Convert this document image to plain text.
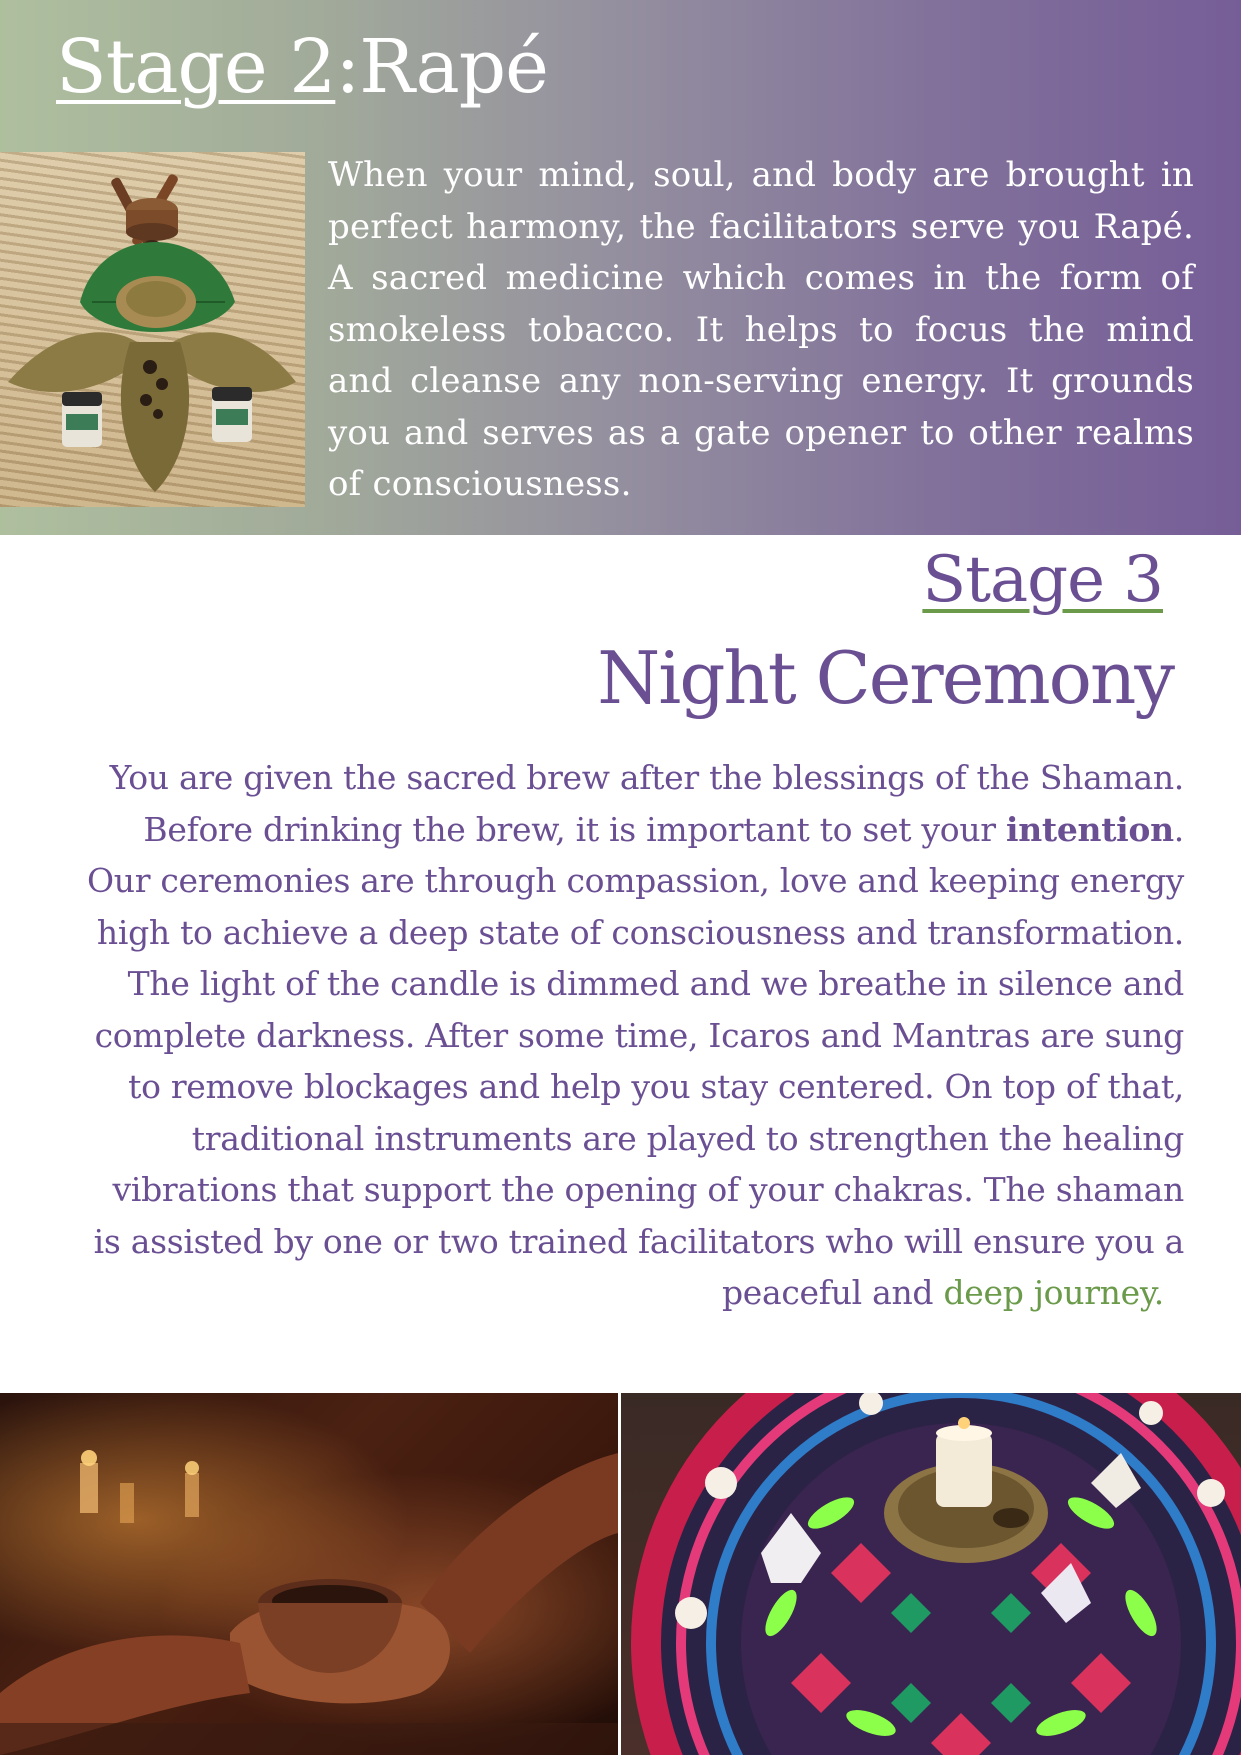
Stage 2:Rapé

When your mind, soul, and body are brought in perfect harmony, the facilitators serve you Rapé. A sacred medicine which comes in the form of smokeless tobacco. It helps to focus the mind and cleanse any non-serving energy. It grounds you and serves as a gate opener to other realms of consciousness.

Stage 3
Night Ceremony

You are given the sacred brew after the blessings of the Shaman. Before drinking the brew, it is important to set your intention. Our ceremonies are through compassion, love and keeping energy high to achieve a deep state of consciousness and transformation. The light of the candle is dimmed and we breathe in silence and complete darkness. After some time, Icaros and Mantras are sung to remove blockages and help you stay centered. On top of that, traditional instruments are played to strengthen the healing vibrations that support the opening of your chakras. The shaman is assisted by one or two trained facilitators who will ensure you a peaceful and deep journey.
